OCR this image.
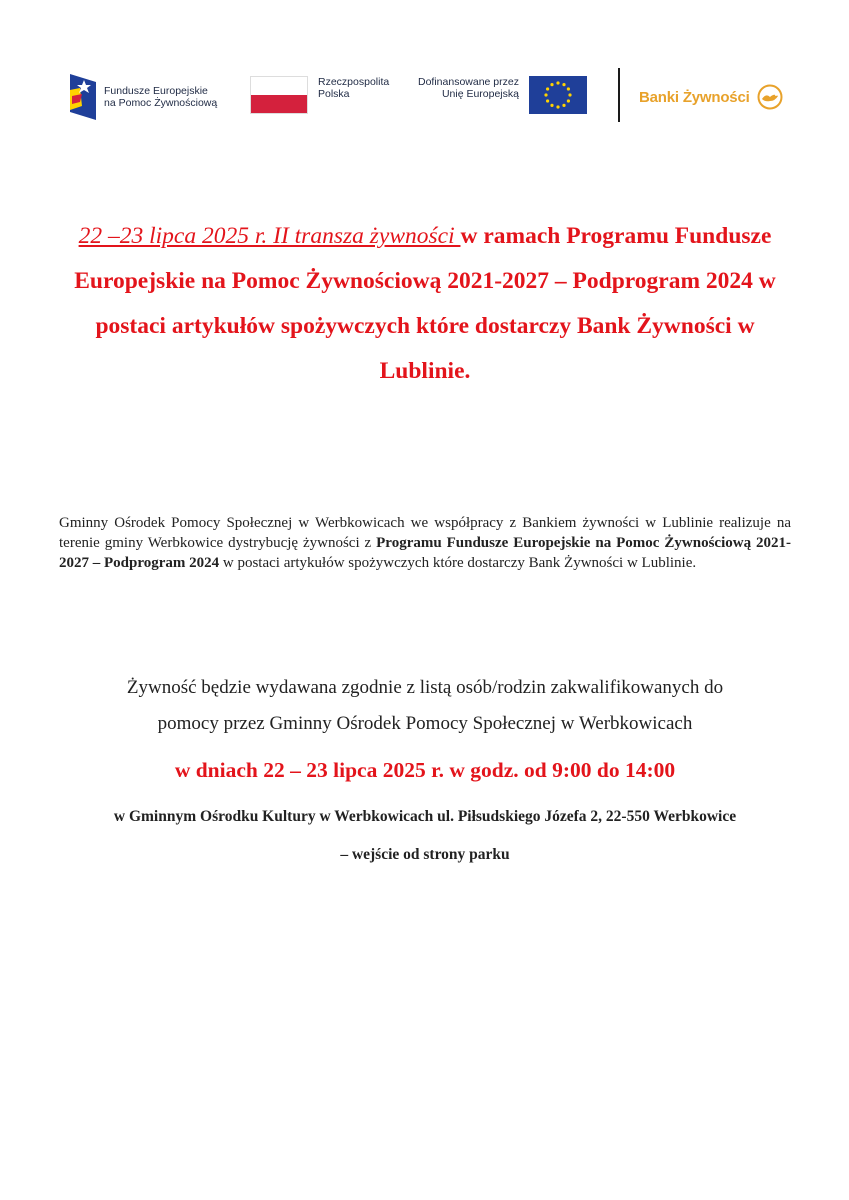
Fundusze Europejskie
na Pomoc Żywnościową
Rzeczpospolita
Polska
Dofinansowane przez
Unię Europejską	Banki Żywności
22 –23 lipca 2025 r. II transza żywności w ramach Programu Fundusze Europejskie na Pomoc Żywnościową 2021-2027 – Podprogram 2024 w postaci artykułów spożywczych które dostarczy Bank Żywności w Lublinie.
Gminny Ośrodek Pomocy Społecznej w Werbkowicach we współpracy z Bankiem żywności w Lublinie realizuje na terenie gminy Werbkowice dystrybucję żywności z Programu Fundusze Europejskie na Pomoc Żywnościową 2021-2027 – Podprogram 2024 w postaci artykułów spożywczych które dostarczy Bank Żywności w Lublinie.
Żywność będzie wydawana zgodnie z listą osób/rodzin zakwalifikowanych do
pomocy przez Gminny Ośrodek Pomocy Społecznej w Werbkowicach
w dniach 22 – 23 lipca 2025 r. w godz. od 9:00 do 14:00
w Gminnym Ośrodku Kultury w Werbkowicach ul. Piłsudskiego Józefa 2, 22-550 Werbkowice
– wejście od strony parku
